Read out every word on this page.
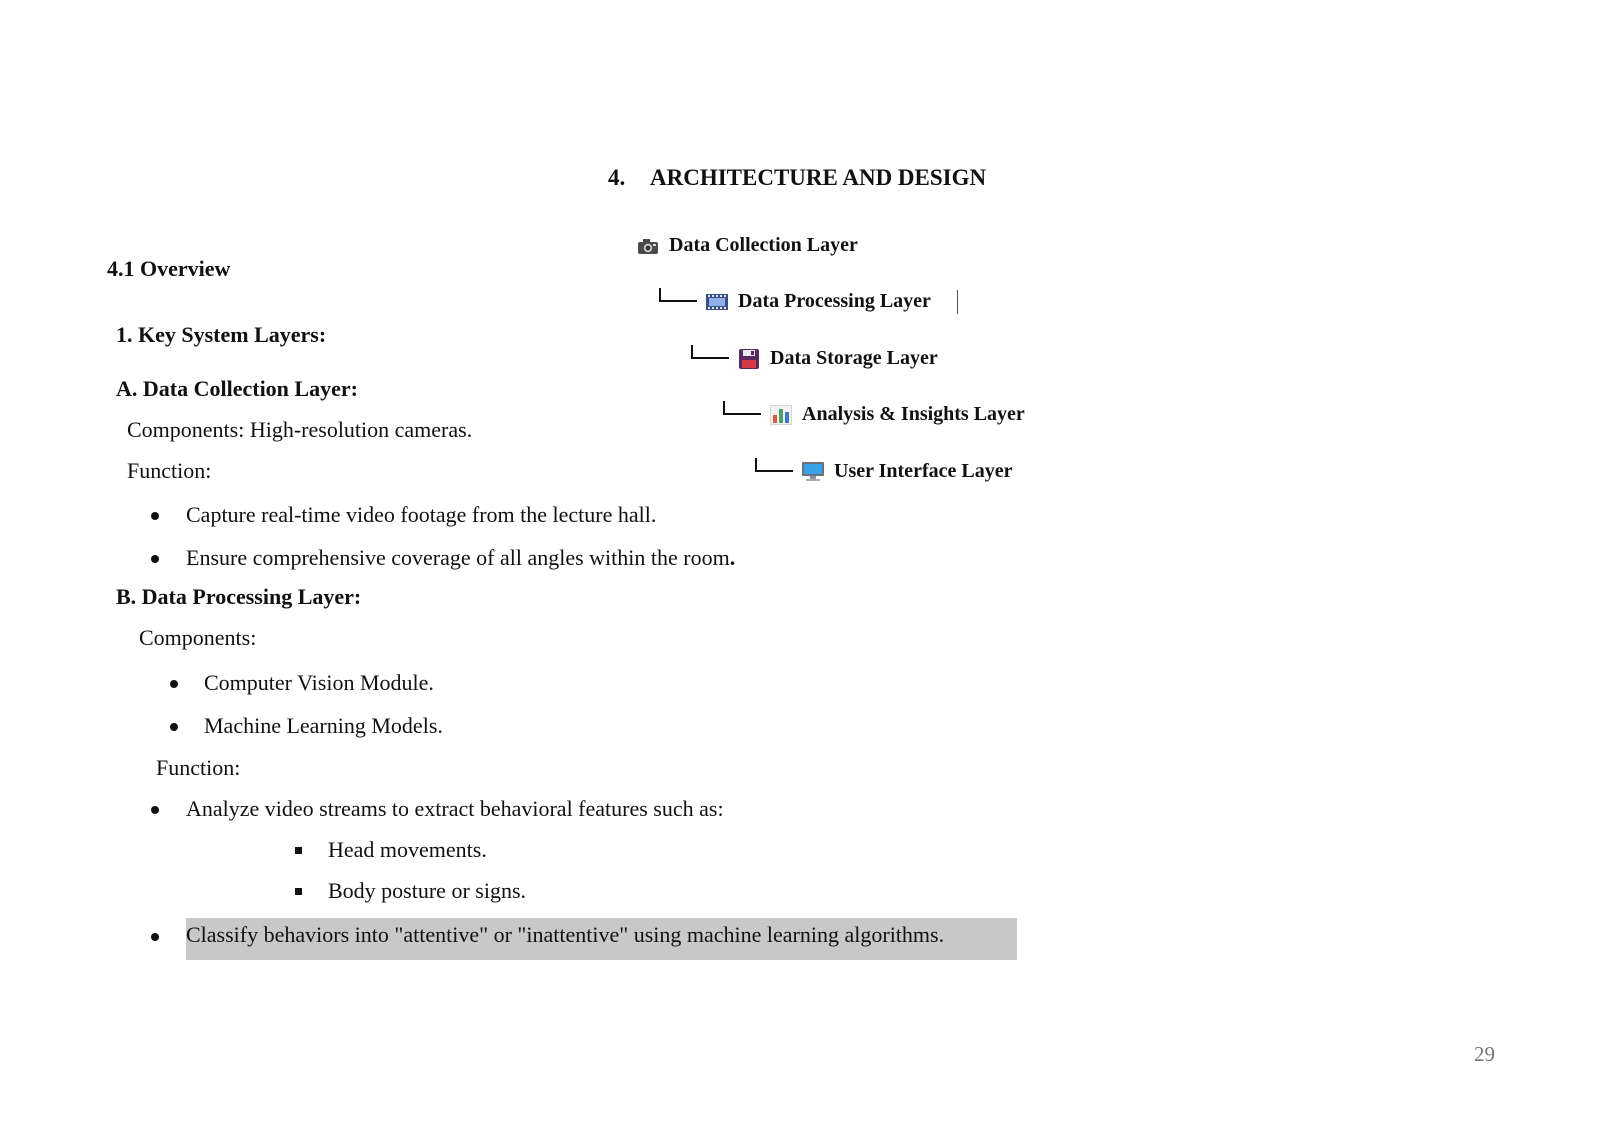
4. ARCHITECTURE AND DESIGN
Data Collection Layer
Data Processing Layer
Data Storage Layer
Analysis & Insights Layer
User Interface Layer
4.1 Overview
1. Key System Layers:
A. Data Collection Layer:
Components: High-resolution cameras.
Function:
Capture real-time video footage from the lecture hall.
Ensure comprehensive coverage of all angles within the room.
B. Data Processing Layer:
Components:
Computer Vision Module.
Machine Learning Models.
Function:
Analyze video streams to extract behavioral features such as:
Head movements.
Body posture or signs.
Classify behaviors into "attentive" or "inattentive" using machine learning algorithms.
29
